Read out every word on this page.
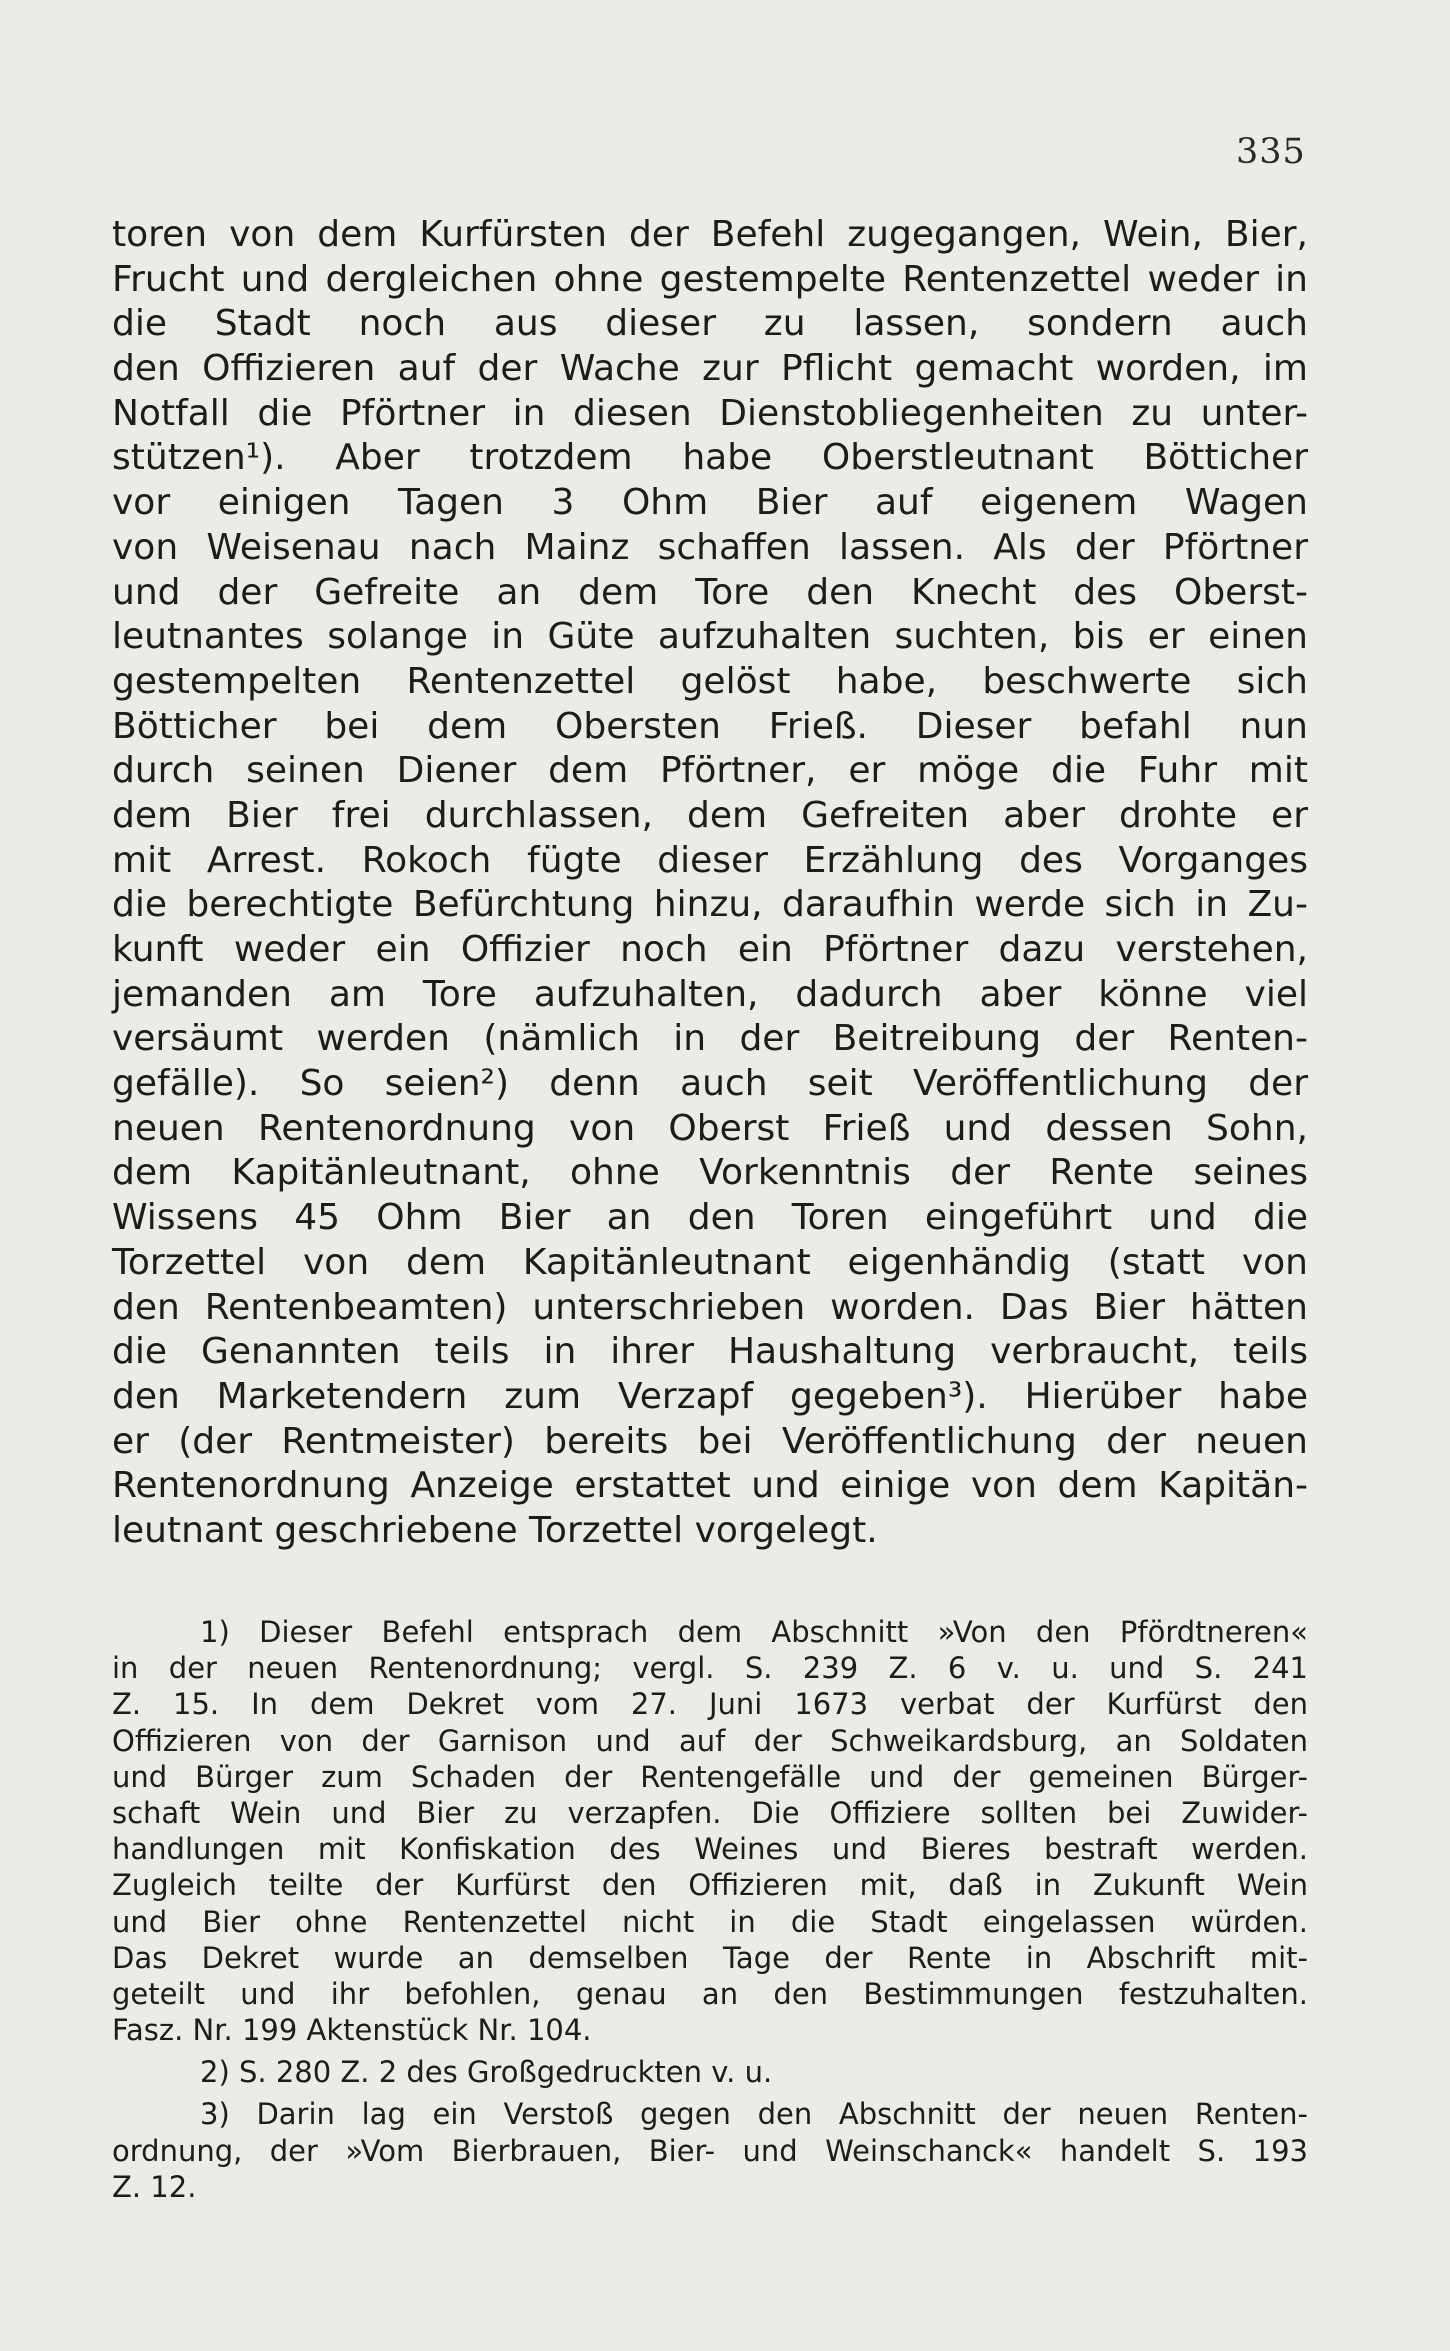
335
toren von dem Kurfürsten der Befehl zugegangen, Wein, Bier,
Frucht und dergleichen ohne gestempelte Rentenzettel weder in
die Stadt noch aus dieser zu lassen, sondern auch
den Offizieren auf der Wache zur Pflicht gemacht worden, im
Notfall die Pförtner in diesen Dienstobliegenheiten zu unter-
stützen¹). Aber trotzdem habe Oberstleutnant Bötticher
vor einigen Tagen 3 Ohm Bier auf eigenem Wagen
von Weisenau nach Mainz schaffen lassen. Als der Pförtner
und der Gefreite an dem Tore den Knecht des Oberst-
leutnantes solange in Güte aufzuhalten suchten, bis er einen
gestempelten Rentenzettel gelöst habe, beschwerte sich
Bötticher bei dem Obersten Frieß. Dieser befahl nun
durch seinen Diener dem Pförtner, er möge die Fuhr mit
dem Bier frei durchlassen, dem Gefreiten aber drohte er
mit Arrest. Rokoch fügte dieser Erzählung des Vorganges
die berechtigte Befürchtung hinzu, daraufhin werde sich in Zu-
kunft weder ein Offizier noch ein Pförtner dazu verstehen,
jemanden am Tore aufzuhalten, dadurch aber könne viel
versäumt werden (nämlich in der Beitreibung der Renten-
gefälle). So seien²) denn auch seit Veröffentlichung der
neuen Rentenordnung von Oberst Frieß und dessen Sohn,
dem Kapitänleutnant, ohne Vorkenntnis der Rente seines
Wissens 45 Ohm Bier an den Toren eingeführt und die
Torzettel von dem Kapitänleutnant eigenhändig (statt von
den Rentenbeamten) unterschrieben worden. Das Bier hätten
die Genannten teils in ihrer Haushaltung verbraucht, teils
den Marketendern zum Verzapf gegeben³). Hierüber habe
er (der Rentmeister) bereits bei Veröffentlichung der neuen
Rentenordnung Anzeige erstattet und einige von dem Kapitän-
leutnant geschriebene Torzettel vorgelegt.
1) Dieser Befehl entsprach dem Abschnitt »Von den Pfördtneren«
in der neuen Rentenordnung; vergl. S. 239 Z. 6 v. u. und S. 241
Z. 15. In dem Dekret vom 27. Juni 1673 verbat der Kurfürst den
Offizieren von der Garnison und auf der Schweikardsburg, an Soldaten
und Bürger zum Schaden der Rentengefälle und der gemeinen Bürger-
schaft Wein und Bier zu verzapfen. Die Offiziere sollten bei Zuwider-
handlungen mit Konfiskation des Weines und Bieres bestraft werden.
Zugleich teilte der Kurfürst den Offizieren mit, daß in Zukunft Wein
und Bier ohne Rentenzettel nicht in die Stadt eingelassen würden.
Das Dekret wurde an demselben Tage der Rente in Abschrift mit-
geteilt und ihr befohlen, genau an den Bestimmungen festzuhalten.
Fasz. Nr. 199 Aktenstück Nr. 104.
2) S. 280 Z. 2 des Großgedruckten v. u.
3) Darin lag ein Verstoß gegen den Abschnitt der neuen Renten-
ordnung, der »Vom Bierbrauen, Bier- und Weinschanck« handelt S. 193
Z. 12.
